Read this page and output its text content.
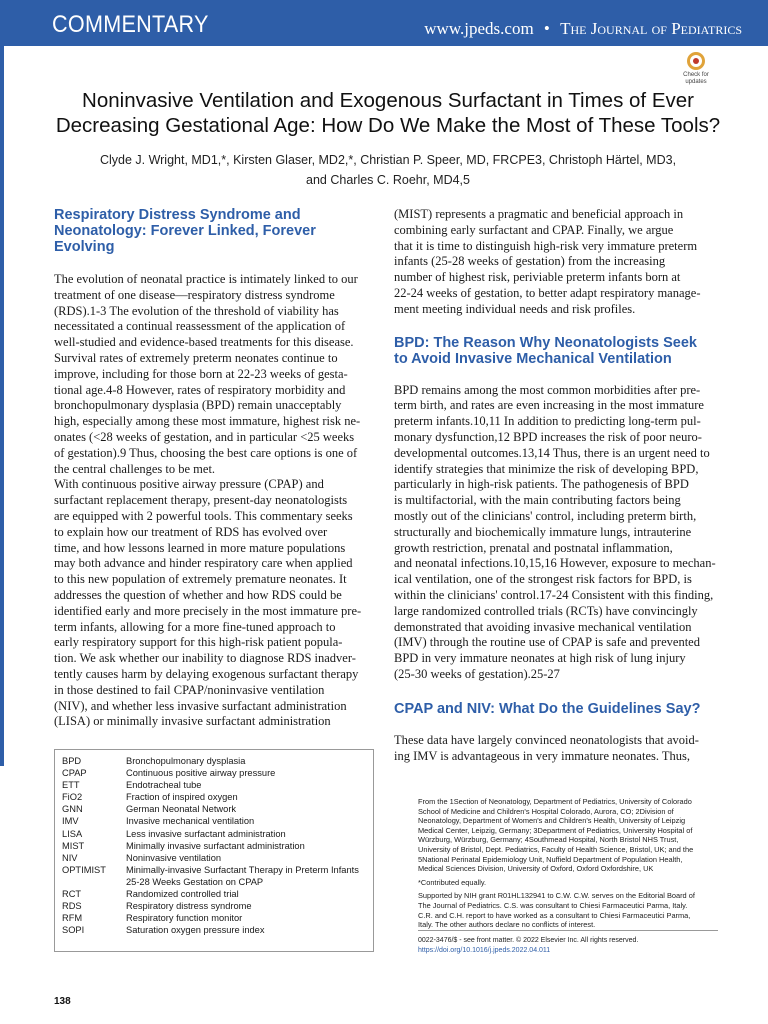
COMMENTARY	www.jpeds.com • The Journal of Pediatrics
Check for
updates
Noninvasive Ventilation and Exogenous Surfactant in Times of Ever
Decreasing Gestational Age: How Do We Make the Most of These Tools?
Clyde J. Wright, MD1,*, Kirsten Glaser, MD2,*, Christian P. Speer, MD, FRCPE3, Christoph Härtel, MD3,
and Charles C. Roehr, MD4,5
Respiratory Distress Syndrome and
Neonatology: Forever Linked, Forever
Evolving
The evolution of neonatal practice is intimately linked to our
treatment of one disease—respiratory distress syndrome
(RDS).1-3 The evolution of the threshold of viability has
necessitated a continual reassessment of the application of
well-studied and evidence-based treatments for this disease.
Survival rates of extremely preterm neonates continue to
improve, including for those born at 22-23 weeks of gesta-
tional age.4-8 However, rates of respiratory morbidity and
bronchopulmonary dysplasia (BPD) remain unacceptably
high, especially among these most immature, highest risk ne-
onates (<28 weeks of gestation, and in particular <25 weeks
of gestation).9 Thus, choosing the best care options is one of
the central challenges to be met.
With continuous positive airway pressure (CPAP) and
surfactant replacement therapy, present-day neonatologists
are equipped with 2 powerful tools. This commentary seeks
to explain how our treatment of RDS has evolved over
time, and how lessons learned in more mature populations
may both advance and hinder respiratory care when applied
to this new population of extremely premature neonates. It
addresses the question of whether and how RDS could be
identified early and more precisely in the most immature pre-
term infants, allowing for a more fine-tuned approach to
early respiratory support for this high-risk patient popula-
tion. We ask whether our inability to diagnose RDS inadver-
tently causes harm by delaying exogenous surfactant therapy
in those destined to fail CPAP/noninvasive ventilation
(NIV), and whether less invasive surfactant administration
(LISA) or minimally invasive surfactant administration
(MIST) represents a pragmatic and beneficial approach in
combining early surfactant and CPAP. Finally, we argue
that it is time to distinguish high-risk very immature preterm
infants (25-28 weeks of gestation) from the increasing
number of highest risk, periviable preterm infants born at
22-24 weeks of gestation, to better adapt respiratory manage-
ment meeting individual needs and risk profiles.
BPD: The Reason Why Neonatologists Seek
to Avoid Invasive Mechanical Ventilation
BPD remains among the most common morbidities after pre-
term birth, and rates are even increasing in the most immature
preterm infants.10,11 In addition to predicting long-term pul-
monary dysfunction,12 BPD increases the risk of poor neuro-
developmental outcomes.13,14 Thus, there is an urgent need to
identify strategies that minimize the risk of developing BPD,
particularly in high-risk patients. The pathogenesis of BPD
is multifactorial, with the main contributing factors being
mostly out of the clinicians' control, including preterm birth,
structurally and biochemically immature lungs, intrauterine
growth restriction, prenatal and postnatal inflammation,
and neonatal infections.10,15,16 However, exposure to mechan-
ical ventilation, one of the strongest risk factors for BPD, is
within the clinicians' control.17-24 Consistent with this finding,
large randomized controlled trials (RCTs) have convincingly
demonstrated that avoiding invasive mechanical ventilation
(IMV) through the routine use of CPAP is safe and prevented
BPD in very immature neonates at high risk of lung injury
(25-30 weeks of gestation).25-27
CPAP and NIV: What Do the Guidelines Say?
These data have largely convinced neonatologists that avoid-
ing IMV is advantageous in very immature neonates. Thus,
BPD	Bronchopulmonary dysplasia
CPAP	Continuous positive airway pressure
ETT	Endotracheal tube
FiO2	Fraction of inspired oxygen
GNN	German Neonatal Network
IMV	Invasive mechanical ventilation
LISA	Less invasive surfactant administration
MIST	Minimally invasive surfactant administration
NIV	Noninvasive ventilation
OPTIMIST	Minimally-invasive Surfactant Therapy in Preterm Infants
25-28 Weeks Gestation on CPAP
RCT	Randomized controlled trial
RDS	Respiratory distress syndrome
RFM	Respiratory function monitor
SOPI	Saturation oxygen pressure index
From the 1Section of Neonatology, Department of Pediatrics, University of Colorado
School of Medicine and Children's Hospital Colorado, Aurora, CO; 2Division of
Neonatology, Department of Women's and Children's Health, University of Leipzig
Medical Center, Leipzig, Germany; 3Department of Pediatrics, University Hospital of
Würzburg, Würzburg, Germany; 4Southmead Hospital, North Bristol NHS Trust,
University of Bristol, Dept. Pediatrics, Faculty of Health Science, Bristol, UK; and the
5National Perinatal Epidemiology Unit, Nuffield Department of Population Health,
Medical Sciences Division, University of Oxford, Oxford Oxfordshire, UK
*Contributed equally.
Supported by NIH grant R01HL132941 to C.W. C.W. serves on the Editorial Board of
The Journal of Pediatrics. C.S. was consultant to Chiesi Farmaceutici Parma, Italy.
C.R. and C.H. report to have worked as a consultant to Chiesi Farmaceutici Parma,
Italy. The other authors declare no conflicts of interest.
0022-3476/$ - see front matter. © 2022 Elsevier Inc. All rights reserved.
https://doi.org/10.1016/j.jpeds.2022.04.011
138
